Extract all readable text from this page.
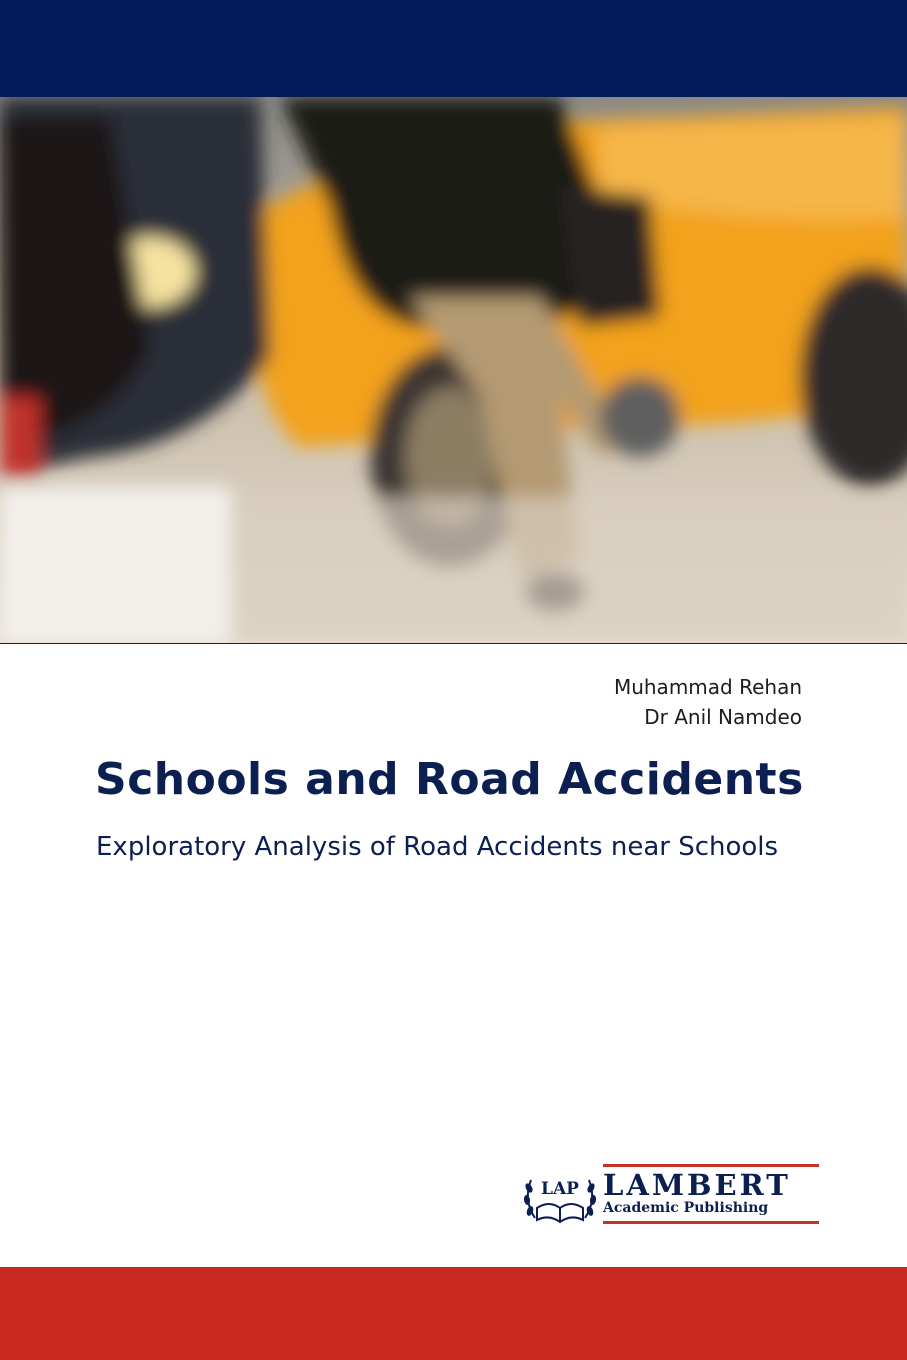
Muhammad Rehan
Dr Anil Namdeo
Schools and Road Accidents
Exploratory Analysis of Road Accidents near Schools
LAP LAMBERT
Academic Publishing
